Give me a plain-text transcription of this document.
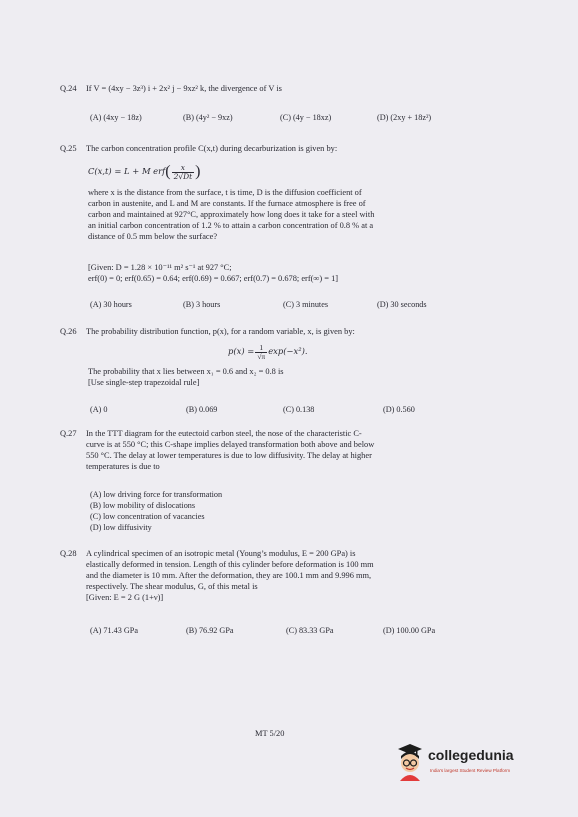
Q.24 If V = (4xy − 3z³) i + 2x² j − 9xz² k, the divergence of V is
(A) (4xy − 18z)	(B) (4y² − 9xz)	(C) (4y − 18xz)	(D) (2xy + 18z²)
Q.25 The carbon concentration profile C(x,t) during decarburization is given by:
C(x,t) = L + M $erf( \frac{x}{2√Dt}$ )
where x is the distance from the surface, t is time, D is the diffusion coefficient of
carbon in austenite, and L and M are constants. If the furnace atmosphere is free of
carbon and maintained at 927°C, approximately how long does it take for a steel with
an initial carbon concentration of 1.2 % to attain a carbon concentration of 0.8 % at a
distance of 0.5 mm below the surface?
[Given: D = 1.28 × 10⁻¹¹ m² s⁻¹ at 927 °C;
erf(0) = 0; erf(0.65) = 0.64; erf(0.69) = 0.667; erf(0.7) = 0.678; erf(∞) = 1]
(A) 30 hours	(B) 3 hours	(C) 3 minutes	(D) 30 seconds
Q.26 The probability distribution function, p(x), for a random variable, x, is given by:
$p(x) = \frac{1}{√\pi} \exp(-x^2)$.
The probability that x lies between x₁ = 0.6 and x₂ = 0.8 is
[Use single-step trapezoidal rule]
(A) 0	(B) 0.069	(C) 0.138	(D) 0.560
Q.27 In the TTT diagram for the eutectoid carbon steel, the nose of the characteristic C-
curve is at 550 °C; this C-shape implies delayed transformation both above and below
550 °C. The delay at lower temperatures is due to low diffusivity. The delay at higher
temperatures is due to
(A) low driving force for transformation
(B) low mobility of dislocations
(C) low concentration of vacancies
(D) low diffusivity
Q.28 A cylindrical specimen of an isotropic metal (Young’s modulus, E = 200 GPa) is
elastically deformed in tension. Length of this cylinder before deformation is 100 mm
and the diameter is 10 mm. After the deformation, they are 100.1 mm and 9.996 mm,
respectively. The shear modulus, G, of this metal is
[Given: E = 2 G (1+ν)]
(A) 71.43 GPa	(B) 76.92 GPa	(C) 83.33 GPa	(D) 100.00 GPa
MT 5/20
collegedunia
India's largest Student Review Platform
